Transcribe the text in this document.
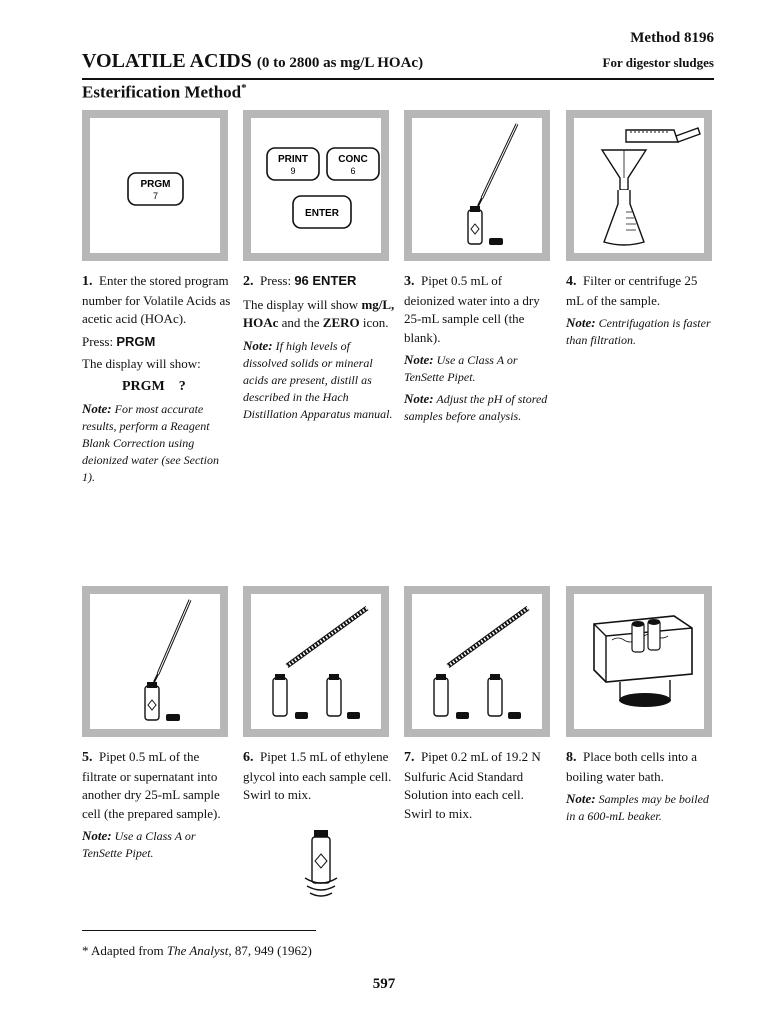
Method 8196
VOLATILE ACIDS (0 to 2800 as mg/L HOAc)	For digestor sludges
Esterification Method*
PRGM
7
PRINT
9
CONC
6
ENTER

1. Enter the stored program number for Volatile Acids as acetic acid (HOAc).

Press: PRGM

The display will show:

PRGM    ?

Note: For most accurate results, perform a Reagent Blank Correction using deionized water (see Section 1).

2. Press: 96 ENTER

The display will show mg/L, HOAc and the ZERO icon.

Note: If high levels of dissolved solids or mineral acids are present, distill as described in the Hach Distillation Apparatus manual.

3. Pipet 0.5 mL of deionized water into a dry 25-mL sample cell (the blank).

Note: Use a Class A or TenSette Pipet.

Note: Adjust the pH of stored samples before analysis.

4. Filter or centrifuge 25 mL of the sample.

Note: Centrifugation is faster than filtration.

5. Pipet 0.5 mL of the filtrate or supernatant into another dry 25-mL sample cell (the prepared sample).

Note: Use a Class A or TenSette Pipet.

6. Pipet 1.5 mL of ethylene glycol into each sample cell. Swirl to mix.

7. Pipet 0.2 mL of 19.2 N Sulfuric Acid Standard Solution into each cell. Swirl to mix.

8. Place both cells into a boiling water bath.

Note: Samples may be boiled in a 600-mL beaker.

* Adapted from The Analyst, 87, 949 (1962)
597
